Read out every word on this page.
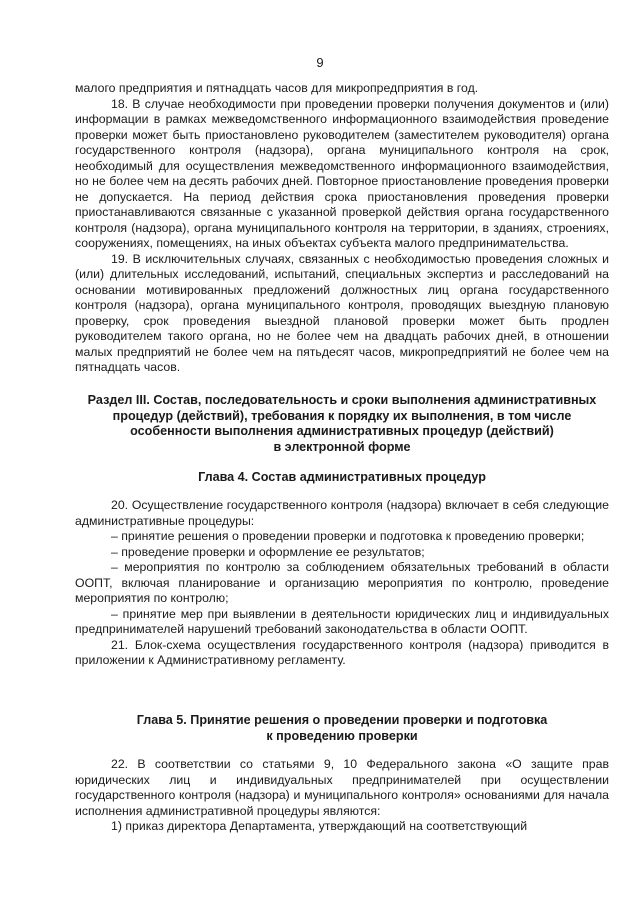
9

малого предприятия и пятнадцать часов для микропредприятия в год.

18. В случае необходимости при проведении проверки получения документов и (или) информации в рамках межведомственного информационного взаимодействия проведение проверки может быть приостановлено руководителем (заместителем руководителя) органа государственного контроля (надзора), органа муниципального контроля на срок, необходимый для осуществления межведомственного информационного взаимодействия, но не более чем на десять рабочих дней. Повторное приостановление проведения проверки не допускается. На период действия срока приостановления проведения проверки приостанавливаются связанные с указанной проверкой действия органа государственного контроля (надзора), органа муниципального контроля на территории, в зданиях, строениях, сооружениях, помещениях, на иных объектах субъекта малого предпринимательства.

19. В исключительных случаях, связанных с необходимостью проведения сложных и (или) длительных исследований, испытаний, специальных экспертиз и расследований на основании мотивированных предложений должностных лиц органа государственного контроля (надзора), органа муниципального контроля, проводящих выездную плановую проверку, срок проведения выездной плановой проверки может быть продлен руководителем такого органа, но не более чем на двадцать рабочих дней, в отношении малых предприятий не более чем на пятьдесят часов, микропредприятий не более чем на пятнадцать часов.

Раздел III. Состав, последовательность и сроки выполнения административных

процедур (действий), требования к порядку их выполнения, в том числе

особенности выполнения административных процедур (действий)

в электронной форме

Глава 4. Состав административных процедур

20. Осуществление государственного контроля (надзора) включает в себя следующие административные процедуры:

– принятие решения о проведении проверки и подготовка к проведению проверки;

– проведение проверки и оформление ее результатов;

– мероприятия по контролю за соблюдением обязательных требований в области ООПТ, включая планирование и организацию мероприятия по контролю, проведение мероприятия по контролю;

– принятие мер при выявлении в деятельности юридических лиц и индивидуальных предпринимателей нарушений требований законодательства в области ООПТ.

21. Блок-схема осуществления государственного контроля (надзора) приводится в приложении к Административному регламенту.

Глава 5. Принятие решения о проведении проверки и подготовка

к проведению проверки

22. В соответствии со статьями 9, 10 Федерального закона «О защите прав юридических лиц и индивидуальных предпринимателей при осуществлении государственного контроля (надзора) и муниципального контроля» основаниями для начала исполнения административной процедуры являются:

1) приказ директора Департамента, утверждающий на соответствующий
